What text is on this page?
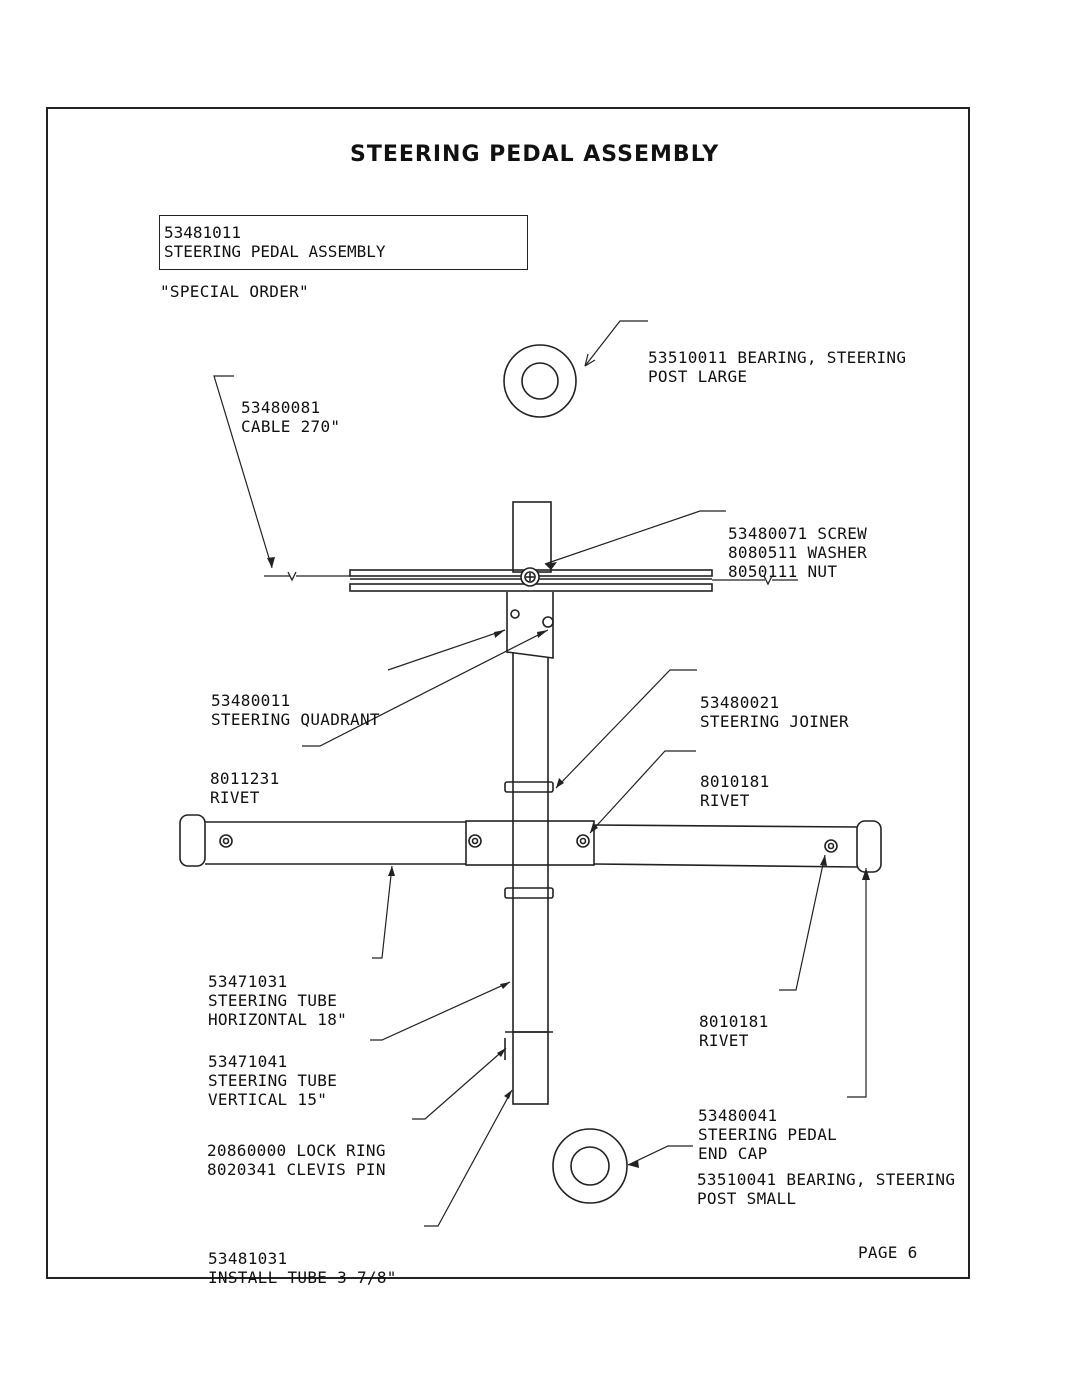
STEERING PEDAL ASSEMBLY
53481011
STEERING PEDAL ASSEMBLY
"SPECIAL ORDER"

53510011 BEARING, STEERING
POST LARGE

53480081
CABLE 270"

53480071 SCREW
8080511 WASHER
8050111 NUT

53480011
STEERING QUADRANT

53480021
STEERING JOINER

8011231
RIVET

8010181
RIVET

53471031
STEERING TUBE
HORIZONTAL 18"

53471041
STEERING TUBE
VERTICAL 15"

8010181
RIVET

53480041
STEERING PEDAL
END CAP

20860000 LOCK RING
8020341 CLEVIS PIN

53510041 BEARING, STEERING
POST SMALL

53481031
INSTALL TUBE 3 7/8"

PAGE 6
